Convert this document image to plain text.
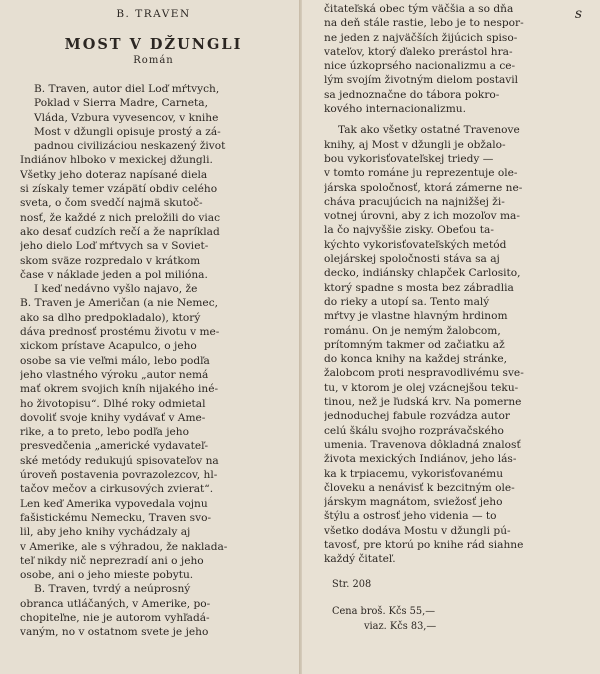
B. TRAVEN
MOST V DŽUNGLI
Román
B. Traven, autor diel Loď mŕtvych,
Poklad v Sierra Madre, Carneta,
Vláda, Vzbura vyvesencov, v knihe
Most v džungli opisuje prostý a zá-
padnou civilizáciou neskazený život
Indiánov hlboko v mexickej džungli.
Všetky jeho doteraz napísané diela
si získaly temer vzápätí obdiv celého
sveta, o čom svedčí najmä skutoč-
nosť, že každé z nich preložili do viac
ako desať cudzích rečí a že napríklad
jeho dielo Loď mŕtvych sa v Soviet-
skom sväze rozpredalo v krátkom
čase v náklade jeden a pol milióna.
I keď nedávno vyšlo najavo, že
B. Traven je Američan (a nie Nemec,
ako sa dlho predpokladalo), ktorý
dáva prednosť prostému životu v me-
xickom prístave Acapulco, o jeho
osobe sa vie veľmi málo, lebo podľa
jeho vlastného výroku „autor nemá
mať okrem svojich kníh nijakého iné-
ho životopisu“. Dlhé roky odmietal
dovoliť svoje knihy vydávať v Ame-
rike, a to preto, lebo podľa jeho
presvedčenia „americké vydavateľ-
ské metódy redukujú spisovateľov na
úroveň postavenia povrazolezcov, hl-
tačov mečov a cirkusových zvierat“.
Len keď Amerika vypovedala vojnu
fašistickému Nemecku, Traven svo-
lil, aby jeho knihy vychádzaly aj
v Amerike, ale s výhradou, že naklada-
teľ nikdy nič neprezradí ani o jeho
osobe, ani o jeho mieste pobytu.
B. Traven, tvrdý a neúprosný
obranca utláčaných, v Amerike, po-
chopiteľne, nie je autorom vyhľadá-
vaným, no v ostatnom svete je jeho
s
čitateľská obec tým väčšia a so dňa
na deň stále rastie, lebo je to nespor-
ne jeden z najväčších žijúcich spiso-
vateľov, ktorý ďaleko prerástol hra-
nice úzkoprsého nacionalizmu a ce-
lým svojím životným dielom postavil
sa jednoznačne do tábora pokro-
kového internacionalizmu.
Tak ako všetky ostatné Travenove
knihy, aj Most v džungli je obžalo-
bou vykorisťovateľskej triedy —
v tomto románe ju reprezentuje ole-
járska spoločnosť, ktorá zámerne ne-
cháva pracujúcich na najnižšej ži-
votnej úrovni, aby z ich mozoľov ma-
la čo najvyššie zisky. Obeťou ta-
kýchto vykorisťovateľských metód
olejárskej spoločnosti stáva sa aj
decko, indiánsky chlapček Carlosito,
ktorý spadne s mosta bez zábradlia
do rieky a utopí sa. Tento malý
mŕtvy je vlastne hlavným hrdinom
románu. On je nemým žalobcom,
prítomným takmer od začiatku až
do konca knihy na každej stránke,
žalobcom proti nespravodlivému sve-
tu, v ktorom je olej vzácnejšou teku-
tinou, než je ľudská krv. Na pomerne
jednoduchej fabule rozvádza autor
celú škálu svojho rozprávačského
umenia. Travenova dôkladná znalosť
života mexických Indiánov, jeho lás-
ka k trpiacemu, vykorisťovanému
človeku a nenávisť k bezcitným ole-
járskym magnátom, sviežosť jeho
štýlu a ostrosť jeho videnia — to
všetko dodáva Mostu v džungli pú-
tavosť, pre ktorú po knihe rád siahne
každý čitateľ.
Str. 208
Cena broš. Kčs 55,—
viaz. Kčs 83,—
